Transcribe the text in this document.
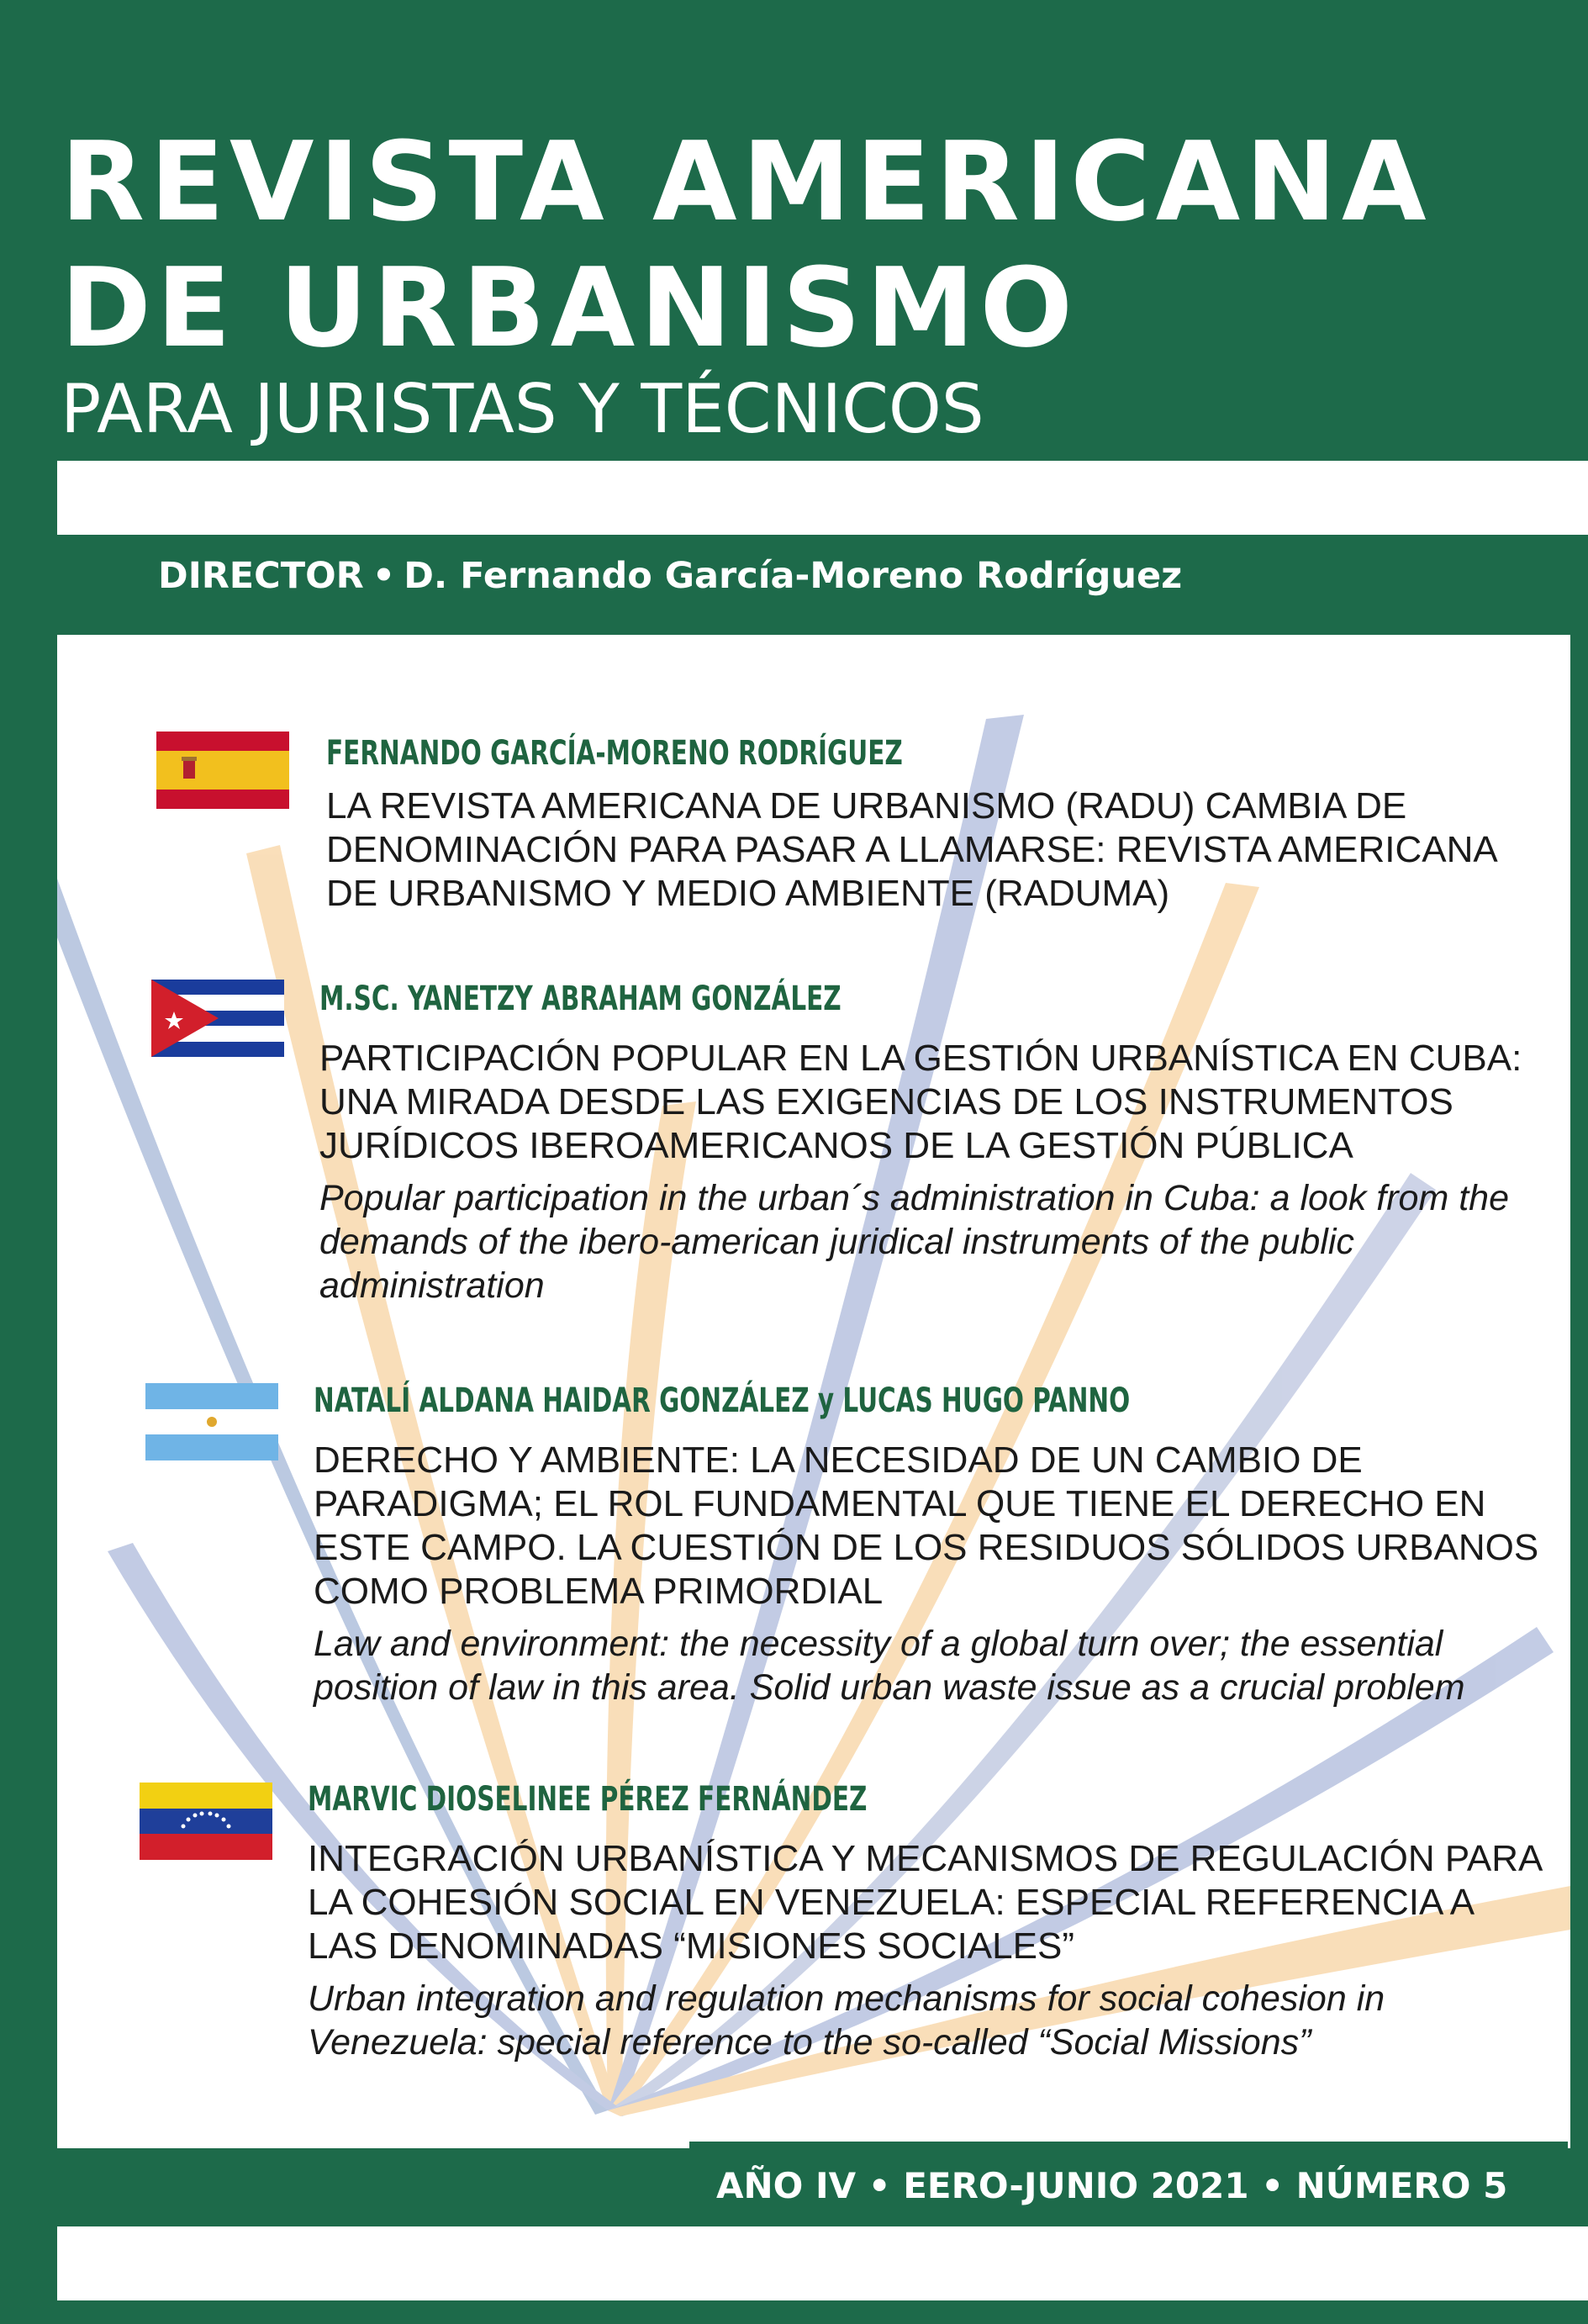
REVISTA AMERICANA
DE URBANISMO
PARA JURISTAS Y TÉCNICOS
DIRECTOR • D. Fernando García-Moreno Rodríguez
FERNANDO GARCÍA-MORENO RODRÍGUEZ
LA REVISTA AMERICANA DE URBANISMO (RADU) CAMBIA DE DENOMINACIÓN PARA PASAR A LLAMARSE: REVISTA AMERICANA DE URBANISMO Y MEDIO AMBIENTE (RADUMA)
M.SC. YANETZY ABRAHAM GONZÁLEZ
PARTICIPACIÓN POPULAR EN LA GESTIÓN URBANÍSTICA EN CUBA: UNA MIRADA DESDE LAS EXIGENCIAS DE LOS INSTRUMENTOS JURÍDICOS IBEROAMERICANOS DE LA GESTIÓN PÚBLICA
Popular participation in the urban´s administration in Cuba: a look from the demands of the ibero-american juridical instruments of the public administration
NATALÍ ALDANA HAIDAR GONZÁLEZ y LUCAS HUGO PANNO
DERECHO Y AMBIENTE: LA NECESIDAD DE UN CAMBIO DE PARADIGMA; EL ROL FUNDAMENTAL QUE TIENE EL DERECHO EN ESTE CAMPO. LA CUESTIÓN DE LOS RESIDUOS SÓLIDOS URBANOS COMO PROBLEMA PRIMORDIAL
Law and environment: the necessity of a global turn over; the essential position of law in this area. Solid urban waste issue as a crucial problem
MARVIC DIOSELINEE PÉREZ FERNÁNDEZ
INTEGRACIÓN URBANÍSTICA Y MECANISMOS DE REGULACIÓN PARA LA COHESIÓN SOCIAL EN VENEZUELA: ESPECIAL REFERENCIA A LAS DENOMINADAS “MISIONES SOCIALES”
Urban integration and regulation mechanisms for social cohesion in Venezuela: special reference to the so-called “Social Missions”
AÑO IV • EERO-JUNIO 2021 • NÚMERO 5
